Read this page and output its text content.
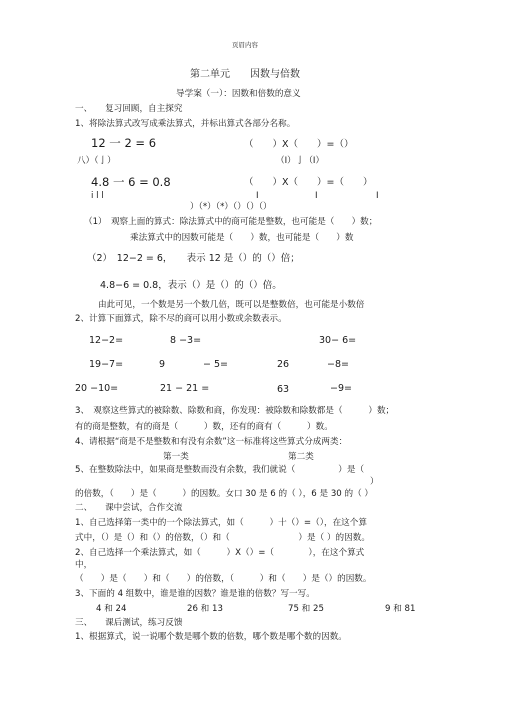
页眉内容
第二单元　　因数与倍数
导学案（一）：因数和倍数的意义
一、　　复习回顾，自主探究
1、将除法算式改写成乘法算式，并标出算式各部分名称。
12 一 2 = 6	（　　）X（　　）=（）
八）（亅）	（I）亅（I）
4.8 一 6 = 0.8	（　　）X（　　）=（　　）
i l l	I	I	I
）（*）（*）（）（）（）
（1）　观察上面的算式：除法算式中的商可能是整数，也可能是（　　）数；
乘法算式中的因数可能是（　　）数，也可能是（　　）数
（2）　12−2 = 6，　　表示 12 是（）的（）倍；
4.8−6 = 0.8，表示（）是（）的（）倍。
由此可见，一个数是另一个数几倍，既可以是整数倍，也可能是小数倍
2、计算下面算式，除不尽的商可以用小数或余数表示。
12−2=	8 −3=	30− 6=
19−7=	9	− 5=	26	−8=
20 −10=	21 − 21 =	63	−9=
3、　观察这些算式的被除数、除数和商，你发现：被除数和除数都是（　　　）数；
有的商是整数，有的商是（　　　）数，还有的商有（　　　）数。
4、请根据“商是不是整数和有没有余数”这一标准将这些算式分成两类：
第一类	第二类
5、在整数除法中，如果商是整数而没有余数，我们就说（　　　　　）是（
）
的倍数，（　　）是（　　　）的因数。女口 30 是 6 的（ ），6 是 30 的（ ）
二、　　课中尝试，合作交流
1、自己选择第一类中的一个除法算式，如（　　　）十（）=（），在这个算
式中，（）是（）和（）的倍数，（）和（　　　　　　　　）是（ ）的因数。
2、自己选择一个乘法算式，如（　　　）X（）=（　　　　），在这个算式
中，
（　　）是（　　）和（　　）的倍数，（　　　）和（　　）是（）的因数。
3、下面的 4 组数中，谁是谁的因数？谁是谁的倍数？写一写。
4 和 24	26 和 13	75 和 25	9 和 81
三、　　课后测试，练习反馈
1、根据算式，说一说哪个数是哪个数的倍数，哪个数是哪个数的因数。
